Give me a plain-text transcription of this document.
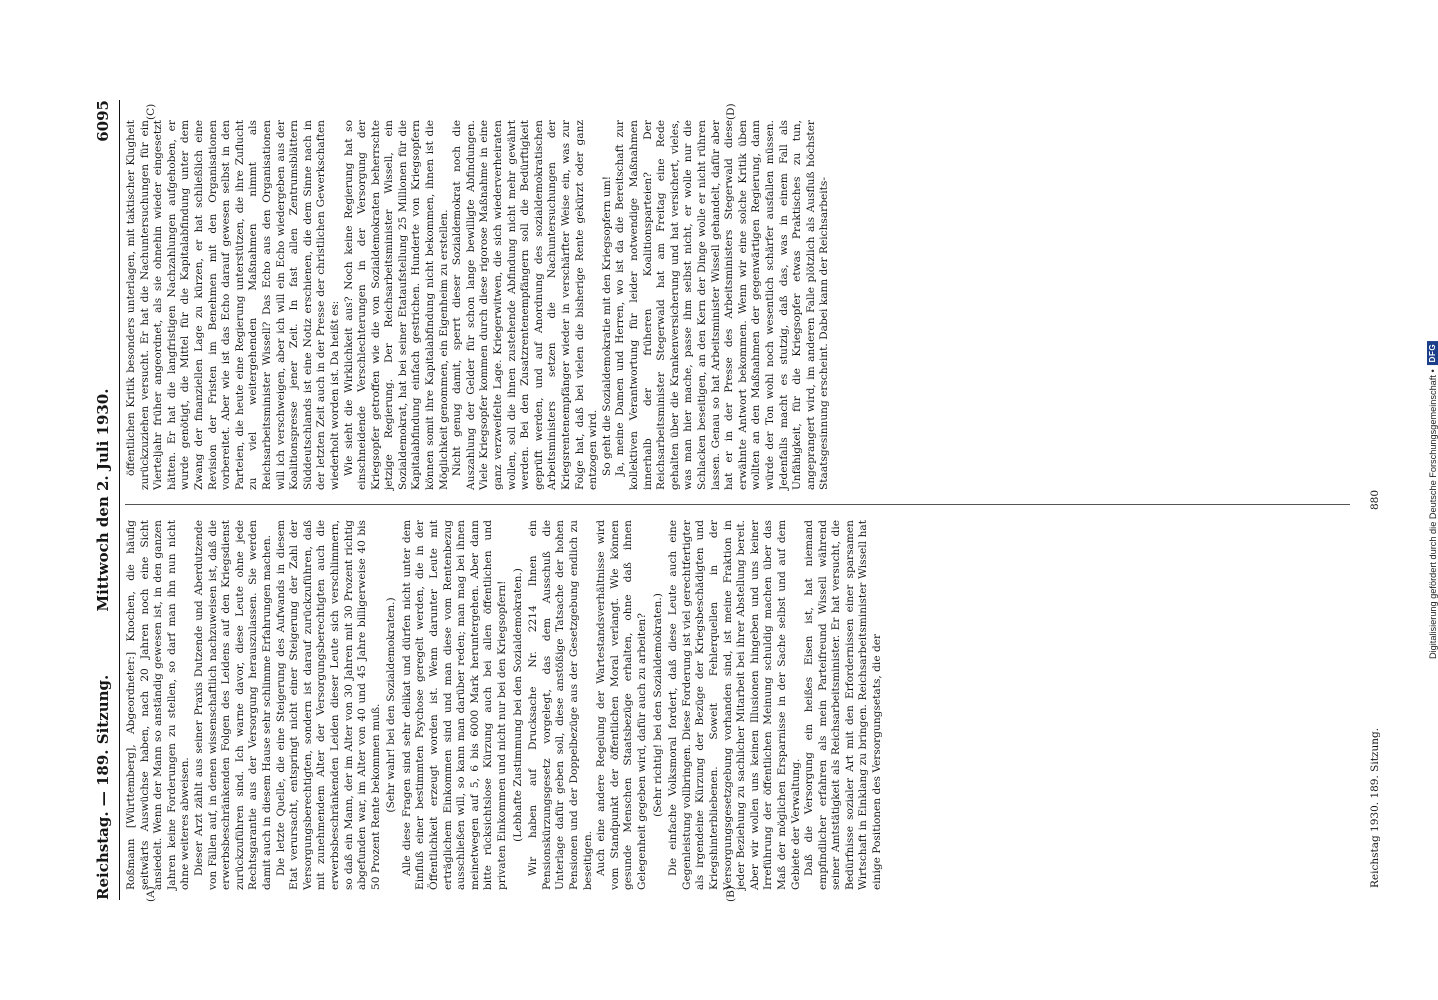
Reichstag. — 189. Sitzung.
Mittwoch den 2. Juli 1930.
6095

Roßmann [Württemberg], Abgeordneter:] Knochen, die häufig seitwärts Auswüchse haben, nach 20 Jahren noch eine Sicht ansiedelt. Wenn der Mann so anständig gewesen ist, in den ganzen Jahren keine Forderungen zu stellen, so darf man ihn nun nicht ohne weiteres abweisen. Dieser Arzt zählt aus seiner Praxis Dutzende und Aberdutzende von Fällen auf, in denen wissenschaftlich nachzuweisen ist, daß die erwerbsbeschränkenden Folgen des Leidens auf den Kriegsdienst zurückzuführen sind. Ich warne davor, diese Leute ohne jede Rechtsgarantie aus der Versorgung herauszulassen. Sie werden damit auch in diesem Hause sehr schlimme Erfahrungen machen. Die letzte Quelle, die eine Steigerung des Aufwands in diesem Etat verursacht, entspringt nicht einer Steigerung der Zahl der Versorgungsberechtigten, sondern ist darauf zurückzuführen, daß mit zunehmendem Alter der Versorgungsberechtigten auch die erwerbsbeschränkenden Leiden dieser Leute sich verschlimmern, so daß ein Mann, der im Alter von 30 Jahren mit 30 Prozent richtig abgefunden war, im Alter von 40 und 45 Jahre billigerweise 40 bis 50 Prozent Rente bekommen muß. (Sehr wahr! bei den Sozialdemokraten.) Alle diese Fragen sind sehr delikat und dürfen nicht unter dem Einfluß einer bestimmten Psychose geregelt werden, die in der Öffentlichkeit erzeugt worden ist. Wenn darunter Leute mit erträglichem Einkommen sind und man diese vom Rentenbezug ausschließen will, so kann man darüber reden; man mag bei ihnen meinetwegen auf 5, 6 bis 6000 Mark heruntergehen. Aber dann bitte rücksichtslose Kürzung auch bei allen öffentlichen und privaten Einkommen und nicht nur bei den Kriegsopfern! (Lebhafte Zustimmung bei den Sozialdemokraten.) Wir haben auf Drucksache Nr. 2214 Ihnen ein Pensionskürzungsgesetz vorgelegt, das dem Ausschuß die Unterlage dafür geben soll, diese anstößige Tatsache der hohen Pensionen und der Doppelbezüge aus der Gesetzgebung endlich zu beseitigen. Auch eine andere Regelung der Wartestandsverhältnisse wird vom Standpunkt der öffentlichen Moral verlangt. Wie können gesunde Menschen Staatsbezüge erhalten, ohne daß ihnen Gelegenheit gegeben wird, dafür auch zu arbeiten? (Sehr richtig! bei den Sozialdemokraten.) Die einfache Volksmoral fordert, daß diese Leute auch eine Gegenleistung vollbringen. Diese Forderung ist viel gerechtfertigter als irgendeine Kürzung der Bezüge der Kriegsbeschädigten und Kriegshinterbliebenen. Soweit Fehlerquellen in der Versorgungsgesetzgebung vorhanden sind, ist meine Fraktion in jeder Beziehung zu sachlicher Mitarbeit bei ihrer Abstellung bereit. Aber wir wollen uns keinen Illusionen hingeben und uns keiner Irreführung der öffentlichen Meinung schuldig machen über das Maß der möglichen Ersparnisse in der Sache selbst und auf dem Gebiete der Verwaltung. Daß die Versorgung ein heißes Eisen ist, hat niemand empfindlicher erfahren als mein Parteifreund Wissell während seiner Amtstätigkeit als Reichsarbeitsminister. Er hat versucht, die Bedürfnisse sozialer Art mit den Erfordernissen einer sparsamen Wirtschaft in Einklang zu bringen. Reichsarbeitsminister Wissell hat einige Positionen des Versorgungsetats, die der

öffentlichen Kritik besonders unterlagen, mit taktischer Klugheit zurückzuziehen versucht. Er hat die Nachuntersuchungen für ein Vierteljahr früher angeordnet, als sie ohnehin wieder eingesetzt hätten. Er hat die langfristigen Nachzahlungen aufgehoben, er wurde genötigt, die Mittel für die Kapitalabfindung unter dem Zwang der finanziellen Lage zu kürzen, er hat schließlich eine Revision der Fristen im Benehmen mit den Organisationen vorbereitet. Aber wie ist das Echo darauf gewesen selbst in den Parteien, die heute eine Regierung unterstützen, die ihre Zuflucht zu viel weitergehenden Maßnahmen nimmt als Reichsarbeitsminister Wissell? Das Echo aus den Organisationen will ich verschweigen, aber ich will ein Echo wiedergeben aus der Koalitionspresse jener Zeit. In fast allen Zentrumsblättern Süddeutschlands ist eine Notiz erschienen, die dem Sinne nach in der letzten Zeit auch in der Presse der christlichen Gewerkschaften wiederholt worden ist. Da heißt es: Wie sieht die Wirklichkeit aus? Noch keine Regierung hat so einschneidende Verschlechterungen in der Versorgung der Kriegsopfer getroffen wie die von Sozialdemokraten beherrschte jetzige Regierung. Der Reichsarbeitsminister Wissell, ein Sozialdemokrat, hat bei seiner Etataufstellung 25 Millionen für die Kapitalabfindung einfach gestrichen. Hunderte von Kriegsopfern können somit ihre Kapitalabfindung nicht bekommen, ihnen ist die Möglichkeit genommen, ein Eigenheim zu erstellen. Nicht genug damit, sperrt dieser Sozialdemokrat noch die Auszahlung der Gelder für schon lange bewilligte Abfindungen. Viele Kriegsopfer kommen durch diese rigorose Maßnahme in eine ganz verzweifelte Lage. Kriegerwitwen, die sich wiederverheiraten wollen, soll die ihnen zustehende Abfindung nicht mehr gewährt werden. Bei den Zusatzrentenempfängern soll die Bedürftigkeit geprüft werden, und auf Anordnung des sozialdemokratischen Arbeitsministers setzen die Nachuntersuchungen der Kriegsrentenempfänger wieder in verschärfter Weise ein, was zur Folge hat, daß bei vielen die bisherige Rente gekürzt oder ganz entzogen wird. So geht die Sozialdemokratie mit den Kriegsopfern um! Ja, meine Damen und Herren, wo ist da die Bereitschaft zur kollektiven Verantwortung für leider notwendige Maßnahmen innerhalb der früheren Koalitionsparteien? Der Reichsarbeitsminister Stegerwald hat am Freitag eine Rede gehalten über die Krankenversicherung und hat versichert, vieles, was man hier mache, passe ihm selbst nicht, er wolle nur die Schlacken beseitigen, an den Kern der Dinge wolle er nicht rühren lassen. Genau so hat Arbeitsminister Wissell gehandelt, dafür aber hat er in der Presse des Arbeitsministers Stegerwald diese erwähnte Antwort bekommen. Wenn wir eine solche Kritik üben wollten an den Maßnahmen der gegenwärtigen Regierung, dann würde der Ton wohl noch wesentlich schärfer ausfallen müssen. Jedenfalls macht es stutzig, daß das, was in einem Fall als Unfähigkeit, für die Kriegsopfer etwas Praktisches zu tun, angeprangert wird, im anderen Falle plötzlich als Ausfluß höchster Staatsgesinnung erscheint. Dabei kann der Reichsarbeits-

(A)	(B)
(C)	(D)
Reichstag 1930. 189. Sitzung.
880	Digitalisierung gefördert durch die Deutsche Forschungsgemeinschaft •
DFG
